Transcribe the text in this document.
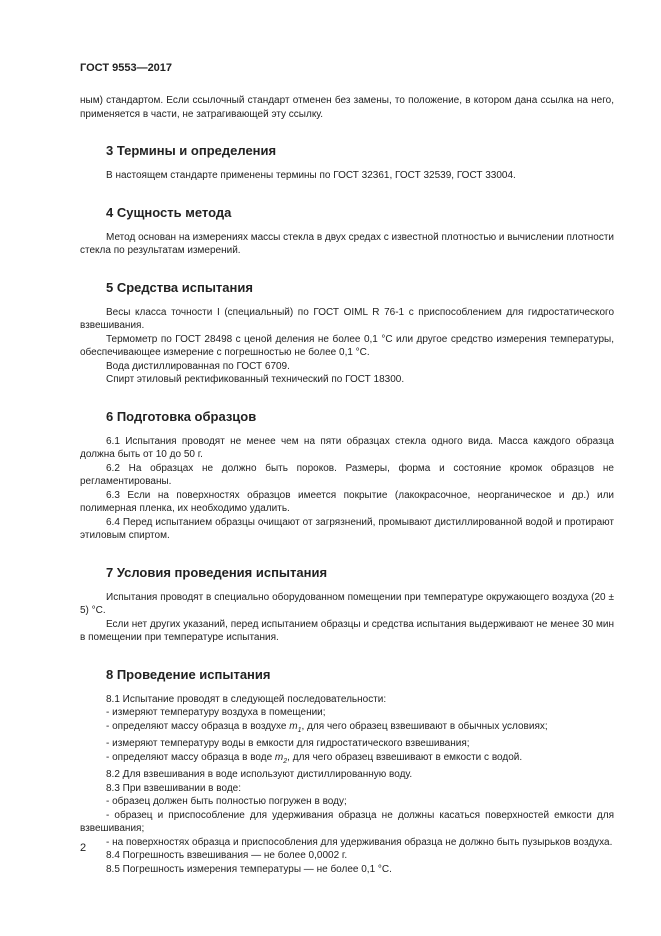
ГОСТ 9553—2017

ным) стандартом. Если ссылочный стандарт отменен без замены, то положение, в котором дана ссылка на него, применяется в части, не затрагивающей эту ссылку.

3 Термины и определения

В настоящем стандарте применены термины по ГОСТ 32361, ГОСТ 32539, ГОСТ 33004.

4 Сущность метода

Метод основан на измерениях массы стекла в двух средах с известной плотностью и вычислении плотности стекла по результатам измерений.

5 Средства испытания

Весы класса точности I (специальный) по ГОСТ OIML R 76-1 с приспособлением для гидростатического взвешивания.

Термометр по ГОСТ 28498 с ценой деления не более 0,1 °С или другое средство измерения температуры, обеспечивающее измерение с погрешностью не более 0,1 °С.

Вода дистиллированная по ГОСТ 6709.

Спирт этиловый ректификованный технический по ГОСТ 18300.

6 Подготовка образцов

6.1 Испытания проводят не менее чем на пяти образцах стекла одного вида. Масса каждого образца должна быть от 10 до 50 г.

6.2 На образцах не должно быть пороков. Размеры, форма и состояние кромок образцов не регламентированы.

6.3 Если на поверхностях образцов имеется покрытие (лакокрасочное, неорганическое и др.) или полимерная пленка, их необходимо удалить.

6.4 Перед испытанием образцы очищают от загрязнений, промывают дистиллированной водой и протирают этиловым спиртом.

7 Условия проведения испытания

Испытания проводят в специально оборудованном помещении при температуре окружающего воздуха (20 ± 5) °С.

Если нет других указаний, перед испытанием образцы и средства испытания выдерживают не менее 30 мин в помещении при температуре испытания.

8 Проведение испытания

8.1 Испытание проводят в следующей последовательности:

- измеряют температуру воздуха в помещении;

- определяют массу образца в воздухе $m_1$, для чего образец взвешивают в обычных условиях;

- измеряют температуру воды в емкости для гидростатического взвешивания;

- определяют массу образца в воде $m_2$, для чего образец взвешивают в емкости с водой.

8.2 Для взвешивания в воде используют дистиллированную воду.

8.3 При взвешивании в воде:

- образец должен быть полностью погружен в воду;

- образец и приспособление для удерживания образца не должны касаться поверхностей емкости для взвешивания;

- на поверхностях образца и приспособления для удерживания образца не должно быть пузырьков воздуха.

8.4 Погрешность взвешивания — не более 0,0002 г.

8.5 Погрешность измерения температуры — не более 0,1 °С.

2
